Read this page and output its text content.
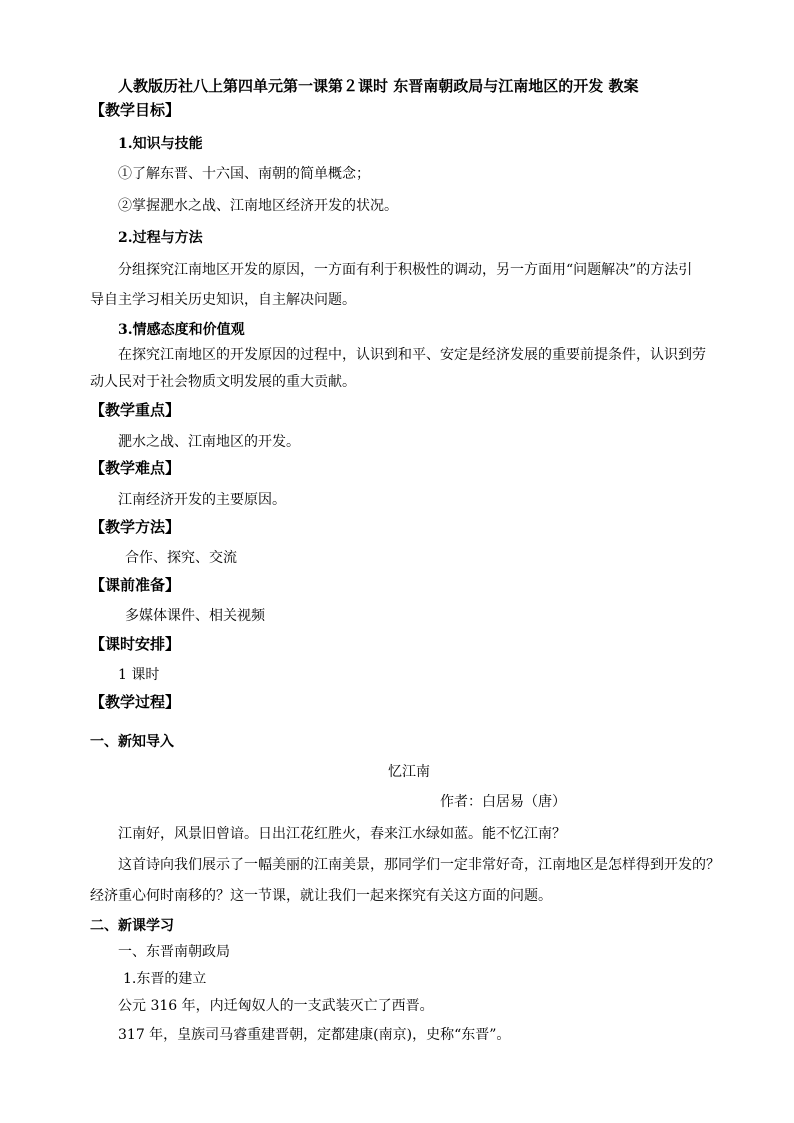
人教版历社八上第四单元第一课第２课时 东晋南朝政局与江南地区的开发 教案
【教学目标】
1.知识与技能
①了解东晋、十六国、南朝的简单概念；
②掌握淝水之战、江南地区经济开发的状况。
2.过程与方法
分组探究江南地区开发的原因，一方面有利于积极性的调动，另一方面用“问题解决”的方法引
导自主学习相关历史知识，自主解决问题。
3.情感态度和价值观
在探究江南地区的开发原因的过程中，认识到和平、安定是经济发展的重要前提条件，认识到劳
动人民对于社会物质文明发展的重大贡献。
【教学重点】
淝水之战、江南地区的开发。
【教学难点】
江南经济开发的主要原因。
【教学方法】
合作、探究、交流
【课前准备】
多媒体课件、相关视频
【课时安排】
1 课时
【教学过程】
一、新知导入
忆江南
作者：白居易（唐）
江南好，风景旧曾谙。日出江花红胜火，春来江水绿如蓝。能不忆江南？
这首诗向我们展示了一幅美丽的江南美景，那同学们一定非常好奇，江南地区是怎样得到开发的？
经济重心何时南移的？这一节课，就让我们一起来探究有关这方面的问题。
二、新课学习
一、东晋南朝政局
1.东晋的建立
公元 316 年，内迁匈奴人的一支武装灭亡了西晋。
317 年，皇族司马睿重建晋朝，定都建康(南京)，史称“东晋”。
